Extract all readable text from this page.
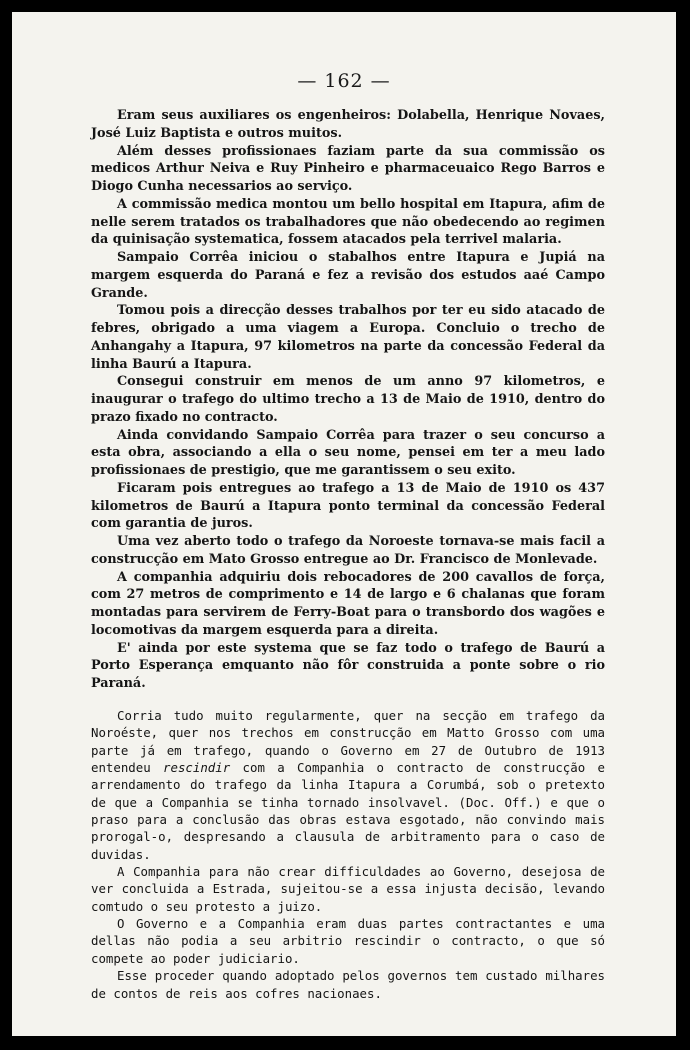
— 162 —

Eram seus auxiliares os engenheiros: Dolabella, Henrique Novaes, José Luiz Baptista e outros muitos.

Além desses profissionaes faziam parte da sua commissão os medicos Arthur Neiva e Ruy Pinheiro e pharmaceuaico Rego Barros e Diogo Cunha necessarios ao serviço.

A commissão medica montou um bello hospital em Itapura, afim de nelle serem tratados os trabalhadores que não obedecendo ao regimen da quinisação systematica, fossem atacados pela terrivel malaria.

Sampaio Corrêa iniciou o stabalhos entre Itapura e Jupiá na margem esquerda do Paraná e fez a revisão dos estudos aaé Campo Grande.

Tomou pois a direcção desses trabalhos por ter eu sido atacado de febres, obrigado a uma viagem a Europa. Concluio o trecho de Anhangahy a Itapura, 97 kilometros na parte da concessão Federal da linha Baurú a Itapura.

Consegui construir em menos de um anno 97 kilometros, e inaugurar o trafego do ultimo trecho a 13 de Maio de 1910, dentro do prazo fixado no contracto.

Ainda convidando Sampaio Corrêa para trazer o seu concurso a esta obra, associando a ella o seu nome, pensei em ter a meu lado profissionaes de prestigio, que me garantissem o seu exito.

Ficaram pois entregues ao trafego a 13 de Maio de 1910 os 437 kilometros de Baurú a Itapura ponto terminal da concessão Federal com garantia de juros.

Uma vez aberto todo o trafego da Noroeste tornava-se mais facil a construcção em Mato Grosso entregue ao Dr. Francisco de Monlevade.

A companhia adquiriu dois rebocadores de 200 cavallos de força, com 27 metros de comprimento e 14 de largo e 6 chalanas que foram montadas para servirem de Ferry-Boat para o transbordo dos wagões e locomotivas da margem esquerda para a direita.

E' ainda por este systema que se faz todo o trafego de Baurú a Porto Esperança emquanto não fôr construida a ponte sobre o rio Paraná.

Corria tudo muito regularmente, quer na secção em trafego da Noroéste, quer nos trechos em construcção em Matto Grosso com uma parte já em trafego, quando o Governo em 27 de Outubro de 1913 entendeu rescindir com a Companhia o contracto de construcção e arrendamento do trafego da linha Itapura a Corumbá, sob o pretexto de que a Companhia se tinha tornado insolvavel. (Doc. Off.) e que o praso para a conclusão das obras estava esgotado, não convindo mais prorogal-o, despresando a clausula de arbitramento para o caso de duvidas.

A Companhia para não crear difficuldades ao Governo, desejosa de ver concluida a Estrada, sujeitou-se a essa injusta decisão, levando comtudo o seu protesto a juizo.

O Governo e a Companhia eram duas partes contractantes e uma dellas não podia a seu arbitrio rescindir o contracto, o que só compete ao poder judiciario.

Esse proceder quando adoptado pelos governos tem custado milhares de contos de reis aos cofres nacionaes.
